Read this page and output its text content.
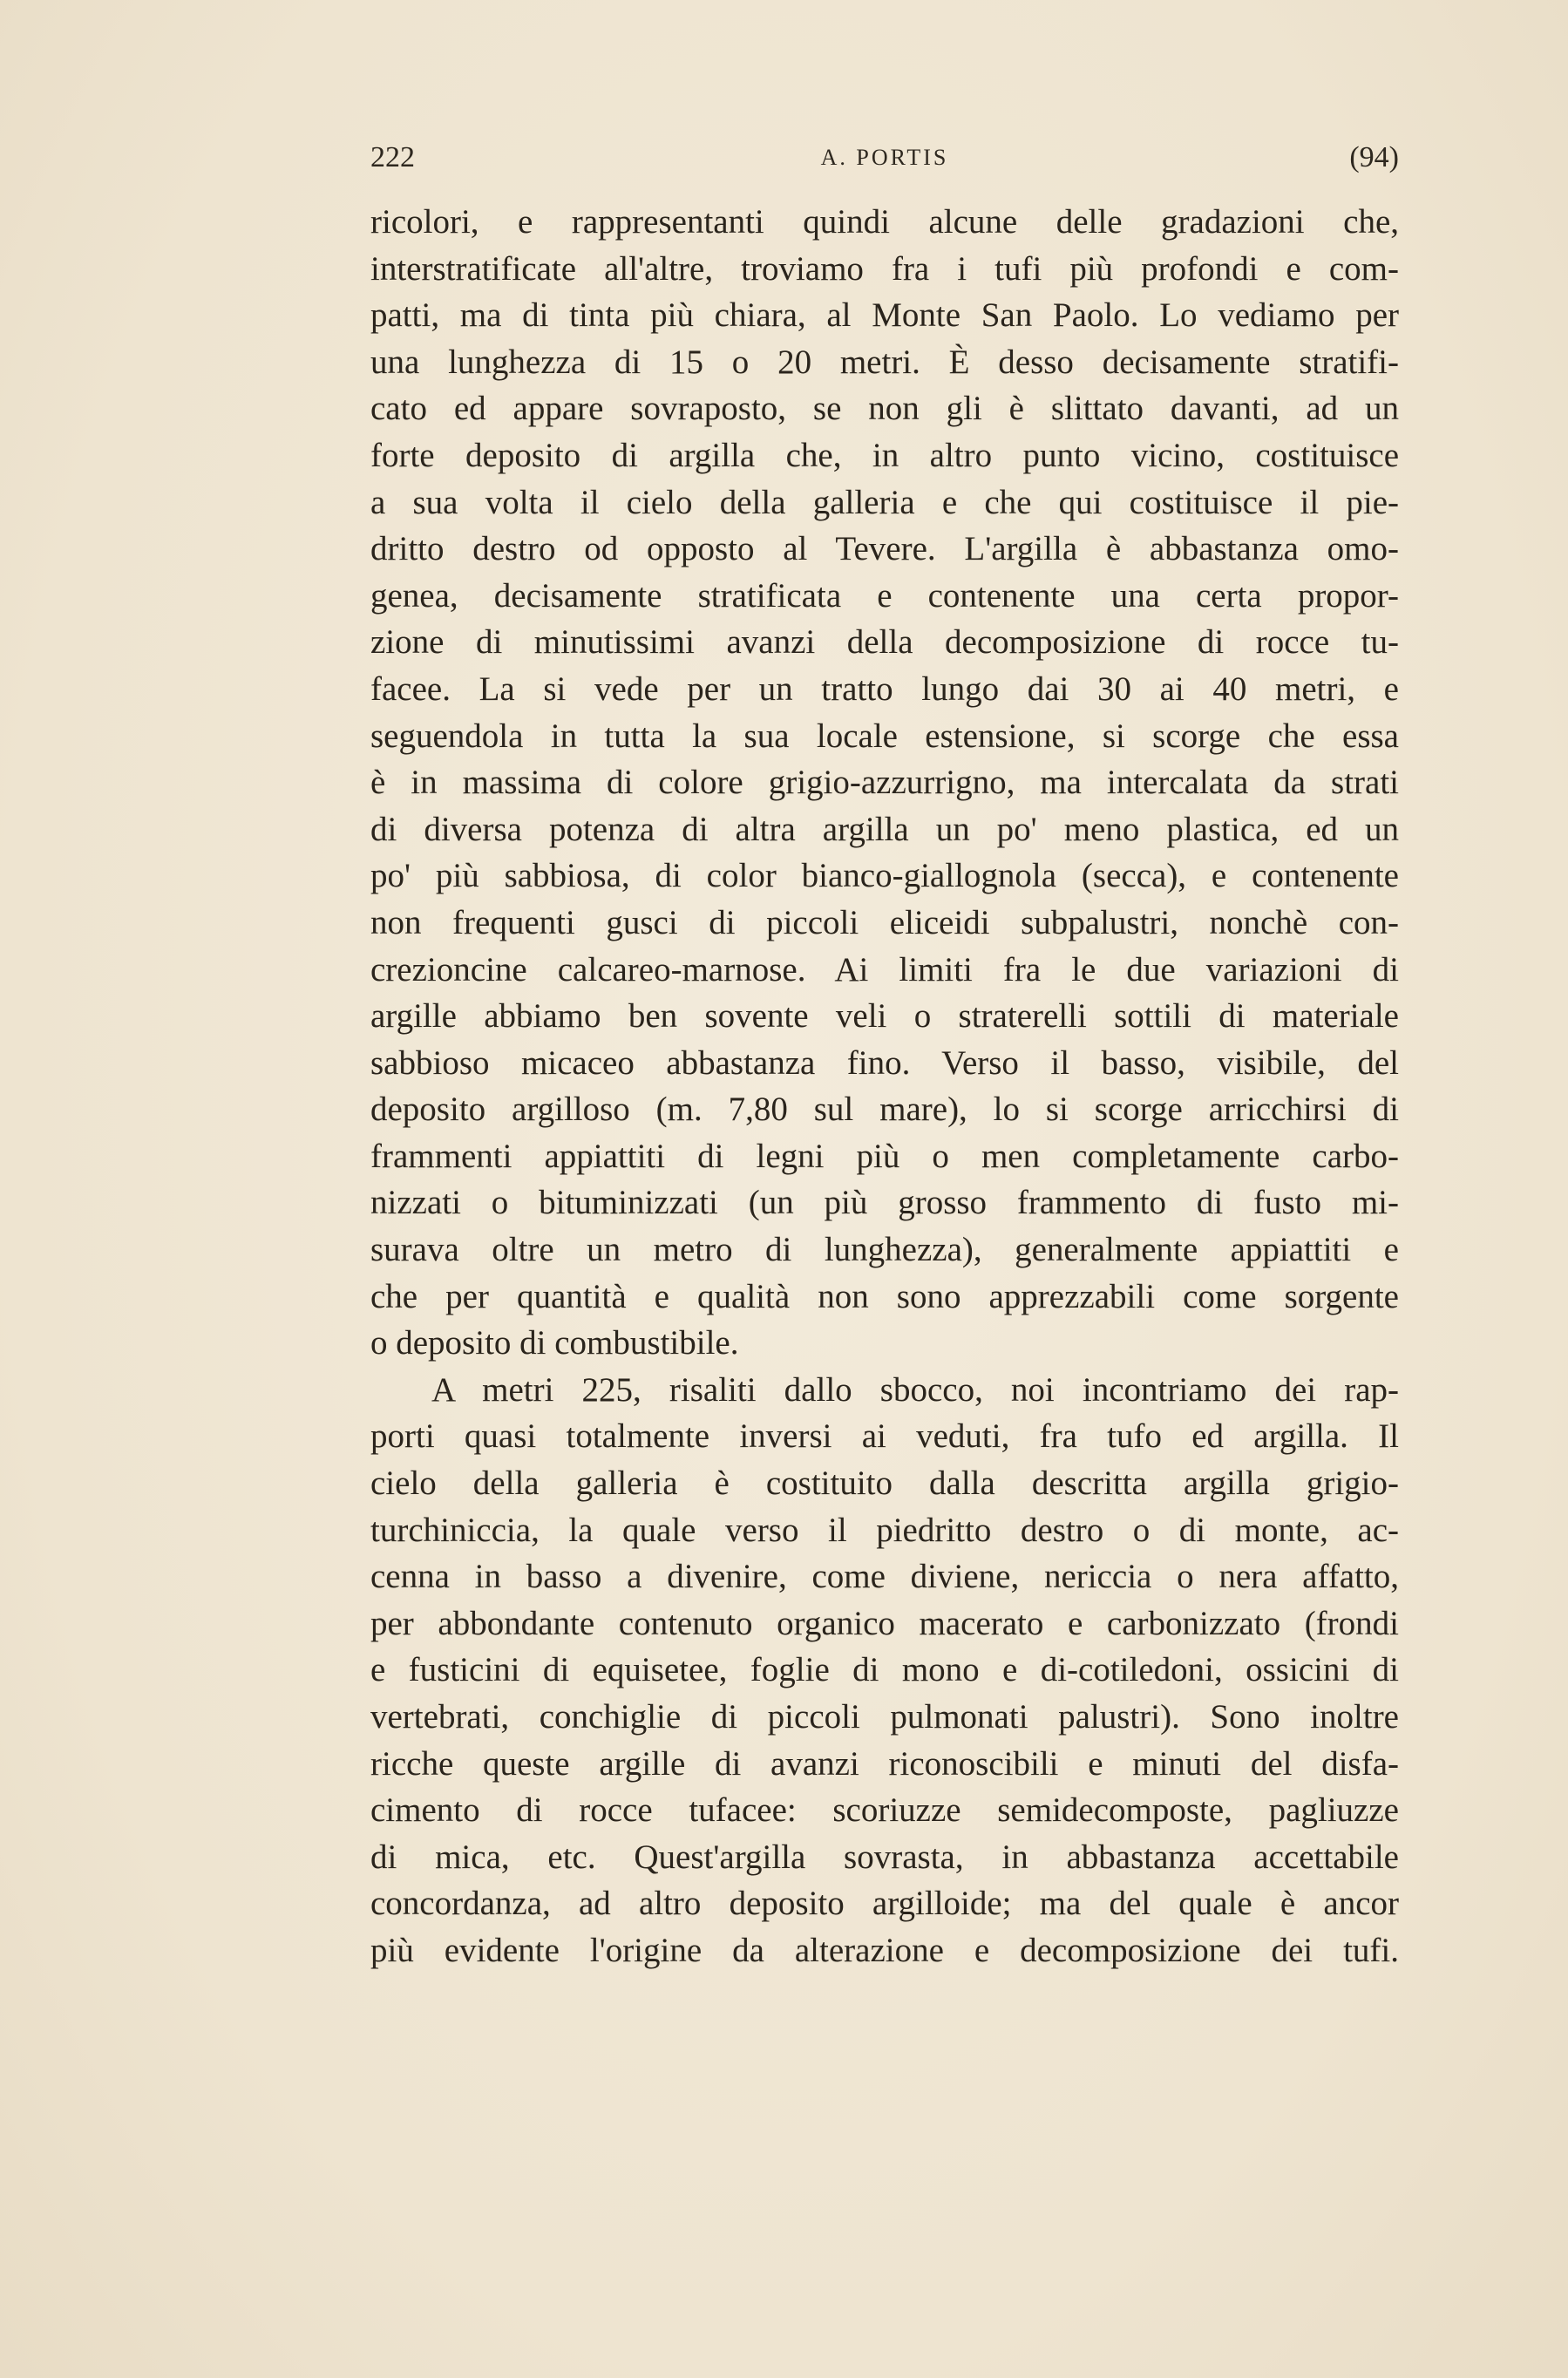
222	A. PORTIS	(94)
ricolori, e rappresentanti quindi alcune delle gradazioni che,
interstratificate all'altre, troviamo fra i tufi più profondi e com-
patti, ma di tinta più chiara, al Monte San Paolo. Lo vediamo per
una lunghezza di 15 o 20 metri. È desso decisamente stratifi-
cato ed appare sovraposto, se non gli è slittato davanti, ad un
forte deposito di argilla che, in altro punto vicino, costituisce
a sua volta il cielo della galleria e che qui costituisce il pie-
dritto destro od opposto al Tevere. L'argilla è abbastanza omo-
genea, decisamente stratificata e contenente una certa propor-
zione di minutissimi avanzi della decomposizione di rocce tu-
facee. La si vede per un tratto lungo dai 30 ai 40 metri, e
seguendola in tutta la sua locale estensione, si scorge che essa
è in massima di colore grigio-azzurrigno, ma intercalata da strati
di diversa potenza di altra argilla un po' meno plastica, ed un
po' più sabbiosa, di color bianco-giallognola (secca), e contenente
non frequenti gusci di piccoli eliceidi subpalustri, nonchè con-
crezioncine calcareo-marnose. Ai limiti fra le due variazioni di
argille abbiamo ben sovente veli o straterelli sottili di materiale
sabbioso micaceo abbastanza fino. Verso il basso, visibile, del
deposito argilloso (m. 7,80 sul mare), lo si scorge arricchirsi di
frammenti appiattiti di legni più o men completamente carbo-
nizzati o bituminizzati (un più grosso frammento di fusto mi-
surava oltre un metro di lunghezza), generalmente appiattiti e
che per quantità e qualità non sono apprezzabili come sorgente
o deposito di combustibile.
A metri 225, risaliti dallo sbocco, noi incontriamo dei rap-
porti quasi totalmente inversi ai veduti, fra tufo ed argilla. Il
cielo della galleria è costituito dalla descritta argilla grigio-
turchiniccia, la quale verso il piedritto destro o di monte, ac-
cenna in basso a divenire, come diviene, nericcia o nera affatto,
per abbondante contenuto organico macerato e carbonizzato (frondi
e fusticini di equisetee, foglie di mono e di-cotiledoni, ossicini di
vertebrati, conchiglie di piccoli pulmonati palustri). Sono inoltre
ricche queste argille di avanzi riconoscibili e minuti del disfa-
cimento di rocce tufacee: scoriuzze semidecomposte, pagliuzze
di mica, etc. Quest'argilla sovrasta, in abbastanza accettabile
concordanza, ad altro deposito argilloide; ma del quale è ancor
più evidente l'origine da alterazione e decomposizione dei tufi.
